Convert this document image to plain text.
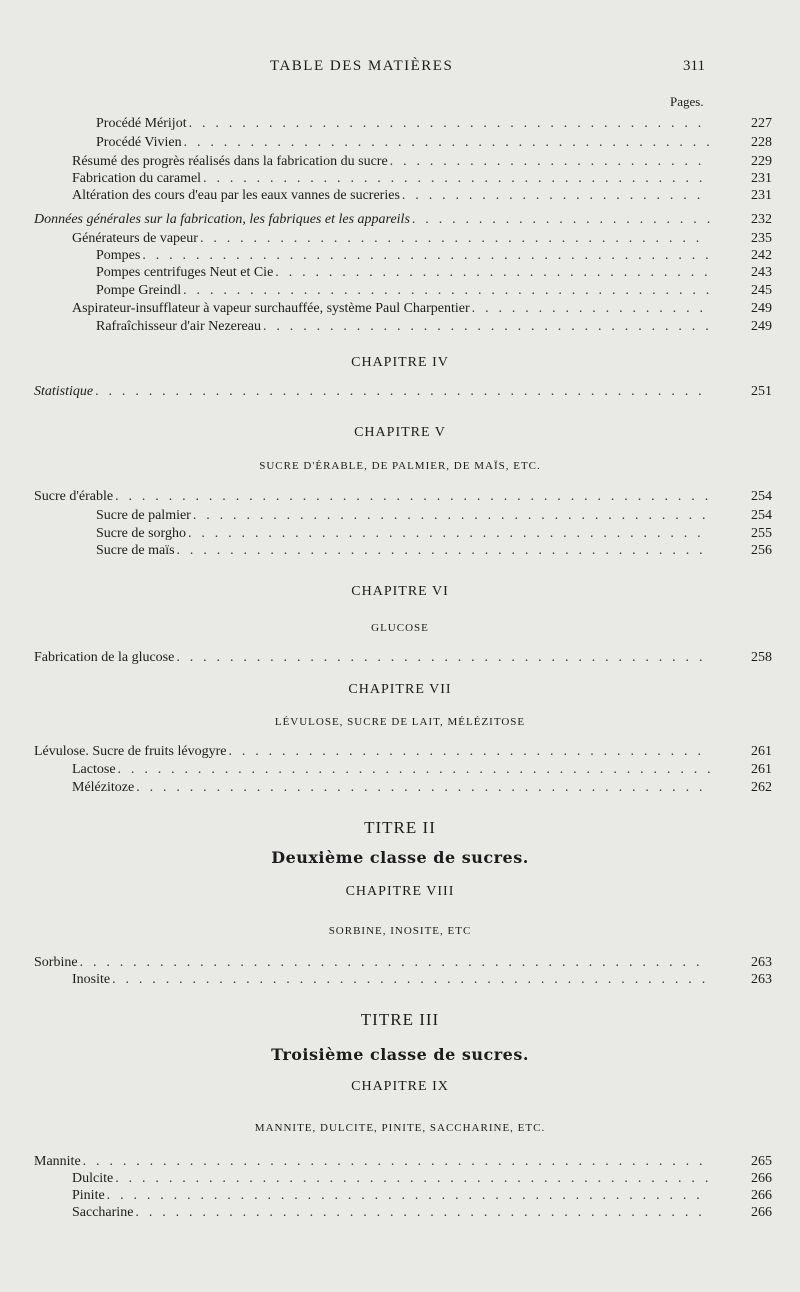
TABLE DES MATIÈRES	311
Pages.
Procédé Mérijot . . .	227
Procédé Vivien . . .	228
Résumé des progrès réalisés dans la fabrication du sucre . . .	229
Fabrication du caramel . . .	231
Altération des cours d'eau par les eaux vannes de sucreries . . .	231
Données générales sur la fabrication, les fabriques et les appareils . . .	232
Générateurs de vapeur . . .	235
Pompes . . .	242
Pompes centrifuges Neut et Cie . . .	243
Pompe Greindl . . .	245
Aspirateur-insufflateur à vapeur surchauffée, système Paul Charpentier . . .	249
Rafraîchisseur d'air Nezereau . . .	249
CHAPITRE IV
Statistique . . .	251
CHAPITRE V
SUCRE D'ÉRABLE, DE PALMIER, DE MAÏS, ETC.
Sucre d'érable . . .	254
Sucre de palmier . . .	254
Sucre de sorgho . . .	255
Sucre de maïs . . .	256
CHAPITRE VI
GLUCOSE
Fabrication de la glucose . . .	258
CHAPITRE VII
LÉVULOSE, SUCRE DE LAIT, MÉLÉZITOSE
Lévulose. Sucre de fruits lévogyre . . .	261
Lactose . . .	261
Mélézitoze . . .	262
TITRE II
Deuxième classe de sucres.
CHAPITRE VIII
SORBINE, INOSITE, ETC
Sorbine . . .	263
Inosite . . .	263
TITRE III
Troisième classe de sucres.
CHAPITRE IX
MANNITE, DULCITE, PINITE, SACCHARINE, ETC.
Mannite . . .	265
Dulcite . . .	266
Pinite . . .	266
Saccharine . . .	266
